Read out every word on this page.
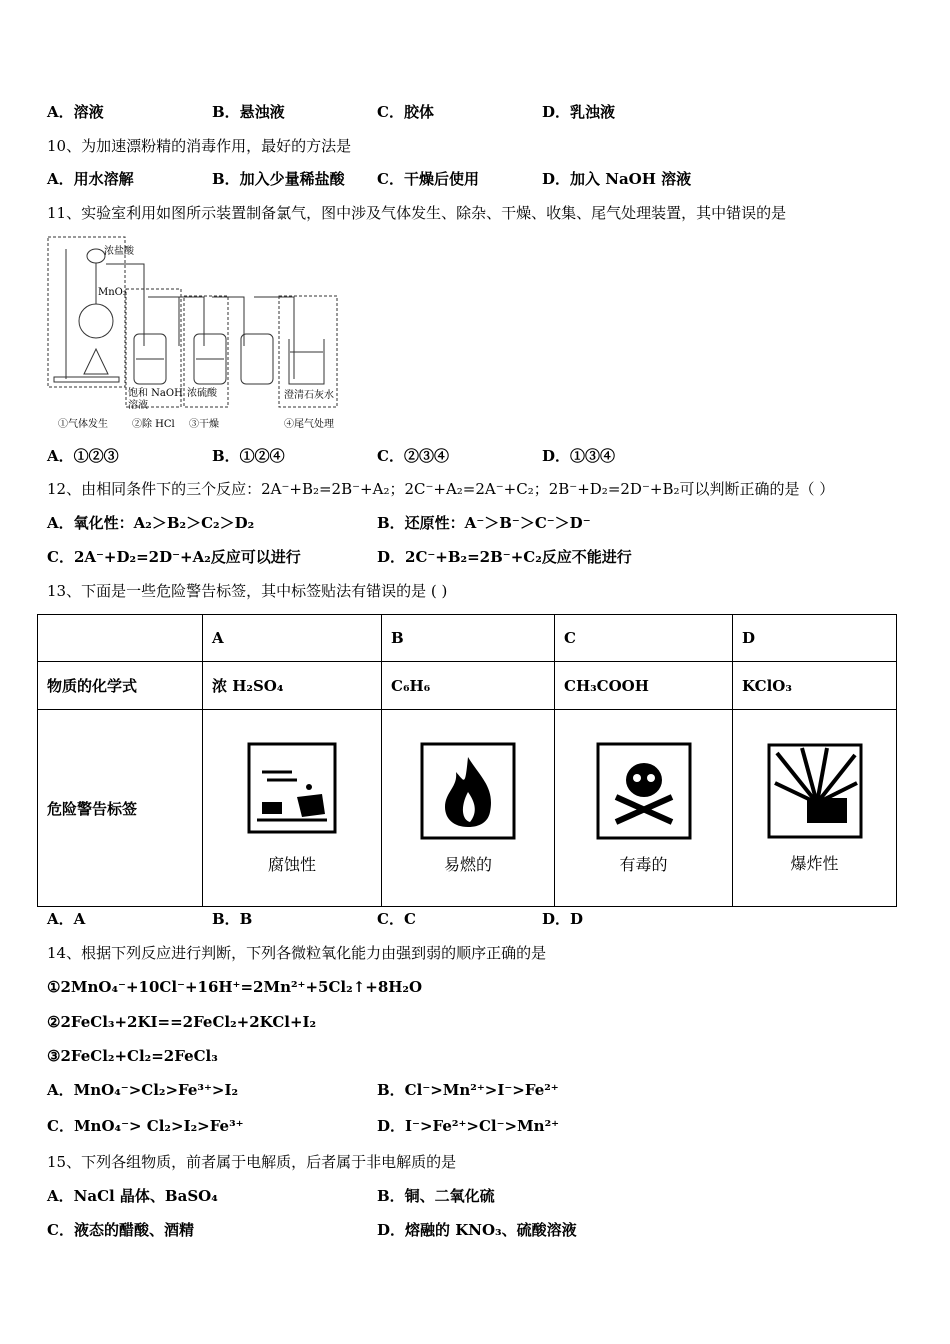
A．溶液	B．悬浊液	C．胶体	D．乳浊液
10、为加速漂粉精的消毒作用，最好的方法是
A．用水溶解	B．加入少量稀盐酸 C．干燥后使用	D．加入 NaOH 溶液
11、实验室利用如图所示装置制备氯气，图中涉及气体发生、除杂、干燥、收集、尾气处理装置，其中错误的是
浓盐酸
MnO₂
饱和 NaOH
溶液
浓硫酸	澄清石灰水
①气体发生 ②除 HCl ③干燥	④尾气处理
A．①②③	B．①②④	C．②③④	D．①③④
12、由相同条件下的三个反应：2A⁻+B₂=2B⁻+A₂；2C⁻+A₂=2A⁻+C₂；2B⁻+D₂=2D⁻+B₂可以判断正确的是（ ）
A．氧化性：A₂＞B₂＞C₂＞D₂	B．还原性：A⁻＞B⁻＞C⁻＞D⁻
C．2A⁻+D₂=2D⁻+A₂反应可以进行	D．2C⁻+B₂=2B⁻+C₂反应不能进行
13、下面是一些危险警告标签，其中标签贴法有错误的是 ( )
	A	B	C	D
物质的化学式	浓 H₂SO₄	C₆H₆	CH₃COOH	KClO₃
危险警告标签	腐蚀性	易燃的	有毒的	爆炸性
A．A	B．B	C．C	D．D
14、根据下列反应进行判断，下列各微粒氧化能力由强到弱的顺序正确的是
①2MnO₄⁻+10Cl⁻+16H⁺=2Mn²⁺+5Cl₂↑+8H₂O
②2FeCl₃+2KI==2FeCl₂+2KCl+I₂
③2FeCl₂+Cl₂=2FeCl₃
A．MnO₄⁻>Cl₂>Fe³⁺>I₂	B．Cl⁻>Mn²⁺>I⁻>Fe²⁺
C．MnO₄⁻> Cl₂>I₂>Fe³⁺	D．I⁻>Fe²⁺>Cl⁻>Mn²⁺
15、下列各组物质，前者属于电解质，后者属于非电解质的是
A．NaCl 晶体、BaSO₄	B．铜、二氧化硫
C．液态的醋酸、酒精	D．熔融的 KNO₃、硫酸溶液
